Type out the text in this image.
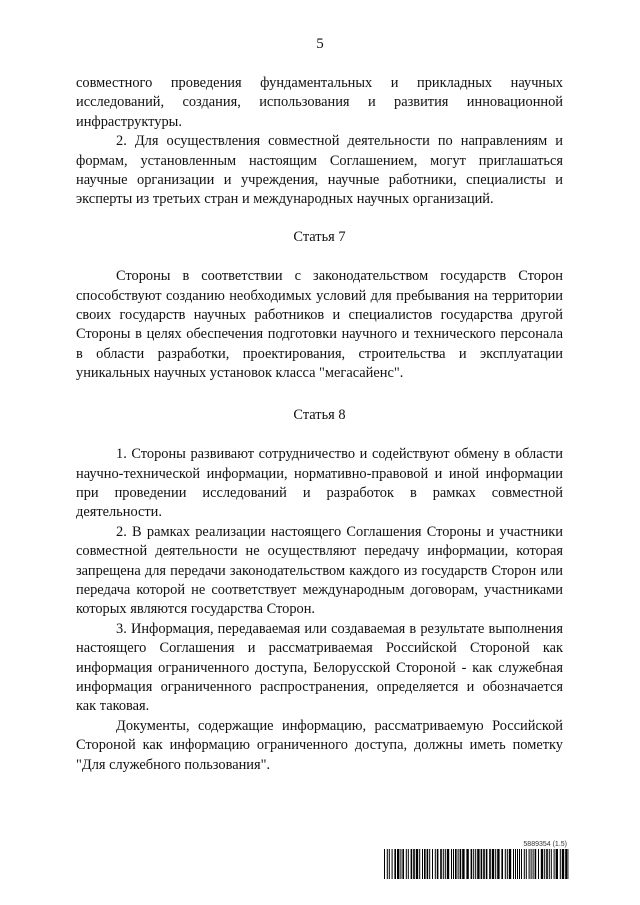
5

совместного проведения фундаментальных и прикладных научных исследований, создания, использования и развития инновационной инфраструктуры.

2. Для осуществления совместной деятельности по направлениям и формам, установленным настоящим Соглашением, могут приглашаться научные организации и учреждения, научные работники, специалисты и эксперты из третьих стран и международных научных организаций.

Статья 7

Стороны в соответствии с законодательством государств Сторон способствуют созданию необходимых условий для пребывания на территории своих государств научных работников и специалистов государства другой Стороны в целях обеспечения подготовки научного и технического персонала в области разработки, проектирования, строительства и эксплуатации уникальных научных установок класса "мегасайенс".

Статья 8

1. Стороны развивают сотрудничество и содействуют обмену в области научно-технической информации, нормативно-правовой и иной информации при проведении исследований и разработок в рамках совместной деятельности.

2. В рамках реализации настоящего Соглашения Стороны и участники совместной деятельности не осуществляют передачу информации, которая запрещена для передачи законодательством каждого из государств Сторон или передача которой не соответствует международным договорам, участниками которых являются государства Сторон.

3. Информация, передаваемая или создаваемая в результате выполнения настоящего Соглашения и рассматриваемая Российской Стороной как информация ограниченного доступа, Белорусской Стороной - как служебная информация ограниченного распространения, определяется и обозначается как таковая.

Документы, содержащие информацию, рассматриваемую Российской Стороной как информацию ограниченного доступа, должны иметь пометку "Для служебного пользования".

5889354 (1.5)
